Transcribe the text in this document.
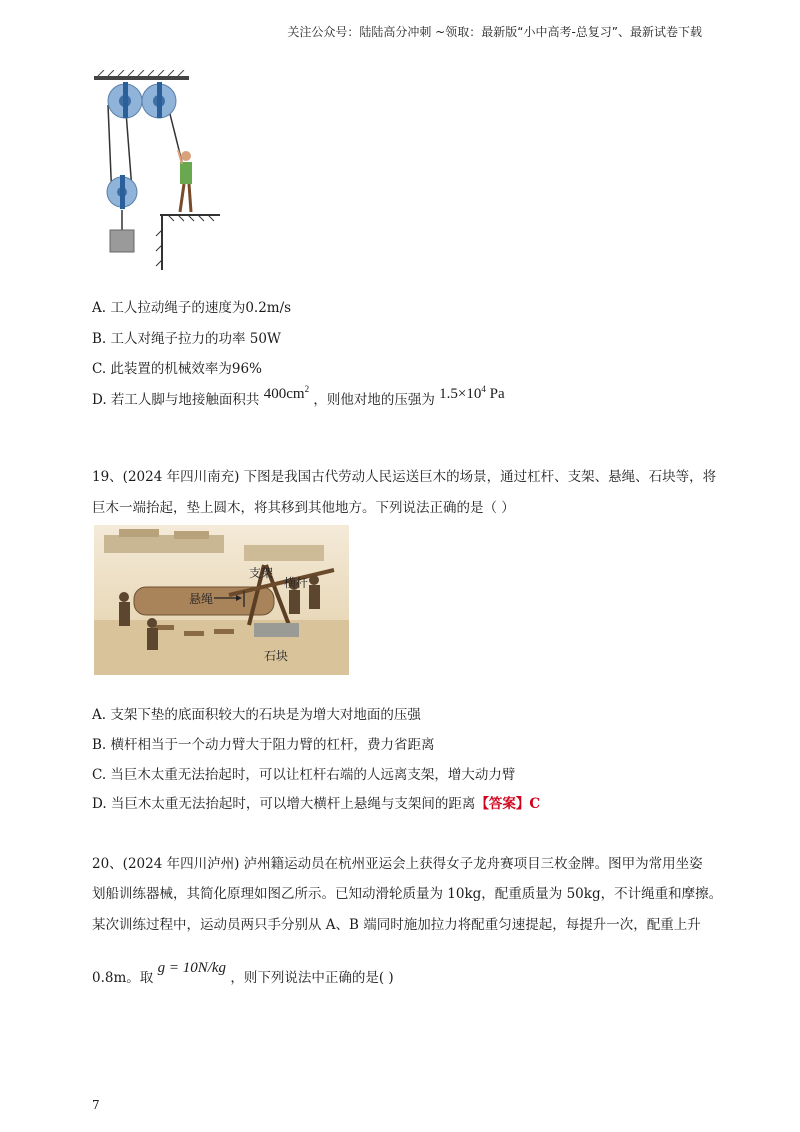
关注公众号：陆陆高分冲刺 ~领取：最新版“小中高考-总复习”、最新试卷下载
A. 工人拉动绳子的速度为0.2m/s
B. 工人对绳子拉力的功率 50W
C. 此装置的机械效率为96%
D. 若工人脚与地接触面积共 $400cm^2$ ，则他对地的压强为 $1.5\times 10^4$ Pa
19、(2024 年四川南充) 下图是我国古代劳动人民运送巨木的场景，通过杠杆、支架、悬绳、石块等，将
巨木一端抬起，垫上圆木，将其移到其他地方。下列说法正确的是（ ）
支架
横杆
悬绳
石块
A. 支架下垫的底面积较大的石块是为增大对地面的压强
B. 横杆相当于一个动力臂大于阻力臂的杠杆，费力省距离
C. 当巨木太重无法抬起时，可以让杠杆右端的人远离支架，增大动力臂
D. 当巨木太重无法抬起时，可以增大横杆上悬绳与支架间的距离【答案】C
20、(2024 年四川泸州) 泸州籍运动员在杭州亚运会上获得女子龙舟赛项目三枚金牌。图甲为常用坐姿
划船训练器械，其简化原理如图乙所示。已知动滑轮质量为 10kg，配重质量为 50kg，不计绳重和摩擦。
某次训练过程中，运动员两只手分别从 A、B 端同时施加拉力将配重匀速提起，每提升一次，配重上升
0.8m。取 g = 10N/kg ，则下列说法中正确的是( )
7
